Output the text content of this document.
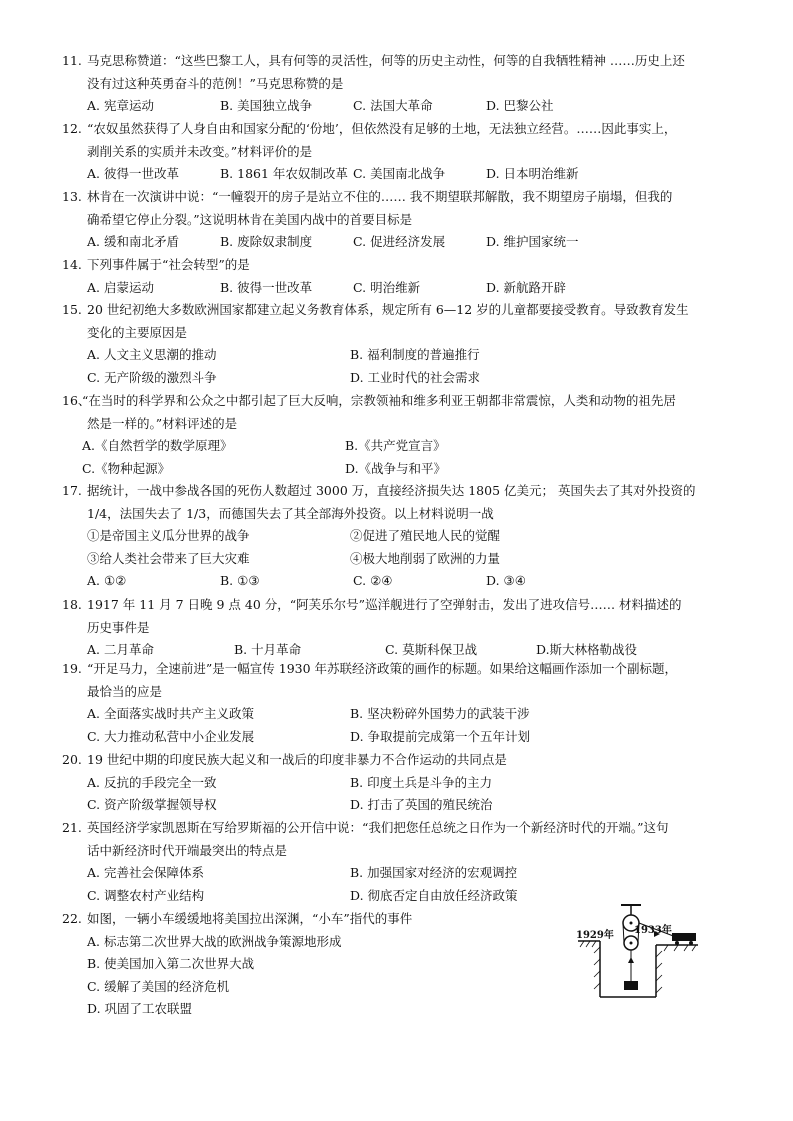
11. 马克思称赞道：“这些巴黎工人，具有何等的灵活性，何等的历史主动性，何等的自我牺牲精神 ……历史上还
没有过这种英勇奋斗的范例！”马克思称赞的是
A. 宪章运动	B. 美国独立战争	C. 法国大革命	D. 巴黎公社
12. “农奴虽然获得了人身自由和国家分配的‘份地’，但依然没有足够的土地，无法独立经营。……因此事实上，
剥削关系的实质并未改变。”材料评价的是
A. 彼得一世改革	B. 1861 年农奴制改革 C. 美国南北战争	D. 日本明治维新
13. 林肯在一次演讲中说：“一幢裂开的房子是站立不住的…… 我不期望联邦解散，我不期望房子崩塌，但我的
确希望它停止分裂。”这说明林肯在美国内战中的首要目标是
A. 缓和南北矛盾	B. 废除奴隶制度	C. 促进经济发展	D. 维护国家统一
14. 下列事件属于“社会转型”的是
A. 启蒙运动	B. 彼得一世改革	C. 明治维新	D. 新航路开辟
15. 20 世纪初绝大多数欧洲国家都建立起义务教育体系，规定所有 6—12 岁的儿童都要接受教育。导致教育发生
变化的主要原因是
A. 人文主义思潮的推动	B. 福利制度的普遍推行
C. 无产阶级的激烈斗争	D. 工业时代的社会需求
16、
“在当时的科学界和公众之中都引起了巨大反响，宗教领袖和维多利亚王朝都非常震惊，人类和动物的祖先居
然是一样的。”材料评述的是
A.《自然哲学的数学原理》	B.《共产党宣言》
C.《物种起源》	D.《战争与和平》
17. 据统计，一战中参战各国的死伤人数超过 3000 万，直接经济损失达 1805 亿美元； 英国失去了其对外投资的
1/4，法国失去了 1/3，而德国失去了其全部海外投资。以上材料说明一战
①是帝国主义瓜分世界的战争	②促进了殖民地人民的觉醒
③给人类社会带来了巨大灾难	④极大地削弱了欧洲的力量
A. ①②	B. ①③	C. ②④	D. ③④
18. 1917 年 11 月 7 日晚 9 点 40 分，“阿芙乐尔号”巡洋舰进行了空弹射击，发出了进攻信号…… 材料描述的
历史事件是
A. 二月革命	B. 十月革命	C. 莫斯科保卫战	D.斯大林格勒战役
19. “开足马力，全速前进”是一幅宣传 1930 年苏联经济政策的画作的标题。如果给这幅画作添加一个副标题，
最恰当的应是
A. 全面落实战时共产主义政策	B. 坚决粉碎外国势力的武装干涉
C. 大力推动私营中小企业发展	D. 争取提前完成第一个五年计划
20. 19 世纪中期的印度民族大起义和一战后的印度非暴力不合作运动的共同点是
A. 反抗的手段完全一致	B. 印度土兵是斗争的主力
C. 资产阶级掌握领导权	D. 打击了英国的殖民统治
21. 英国经济学家凯恩斯在写给罗斯福的公开信中说：“我们把您任总统之日作为一个新经济时代的开端。”这句
话中新经济时代开端最突出的特点是
A. 完善社会保障体系	B. 加强国家对经济的宏观调控
C. 调整农村产业结构	D. 彻底否定自由放任经济政策
22. 如图，一辆小车缓缓地将美国拉出深渊，“小车”指代的事件
A. 标志第二次世界大战的欧洲战争策源地形成
B. 使美国加入第二次世界大战
C. 缓解了美国的经济危机
D. 巩固了工农联盟
1929年 1933年
